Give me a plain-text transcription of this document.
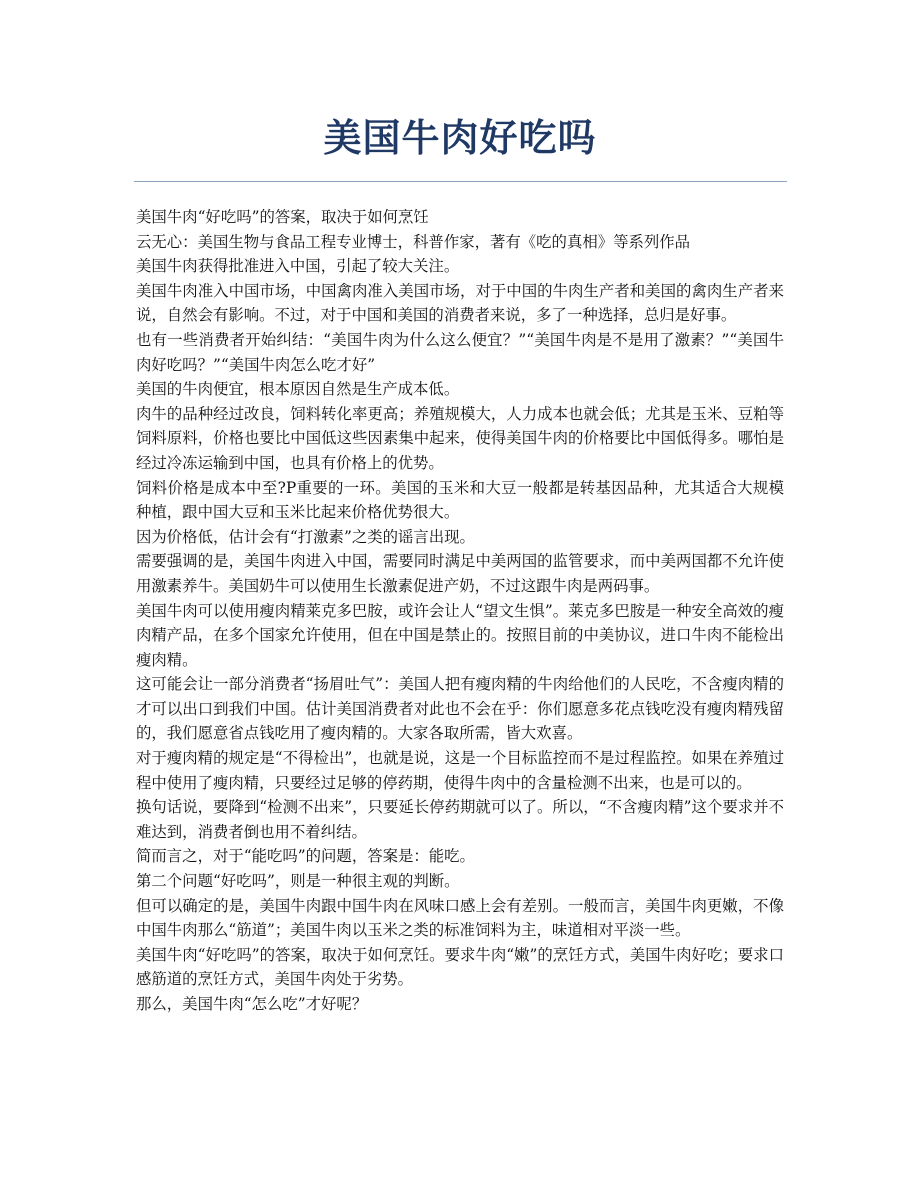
美国牛肉好吃吗

美国牛肉“好吃吗”的答案，取决于如何烹饪

云无心：美国生物与食品工程专业博士，科普作家，著有《吃的真相》等系列作品

美国牛肉获得批准进入中国，引起了较大关注。

美国牛肉准入中国市场，中国禽肉准入美国市场，对于中国的牛肉生产者和美国的禽肉生产者来说，自然会有影响。不过，对于中国和美国的消费者来说，多了一种选择，总归是好事。

也有一些消费者开始纠结：“美国牛肉为什么这么便宜？”“美国牛肉是不是用了激素？”“美国牛肉好吃吗？”“美国牛肉怎么吃才好”

美国的牛肉便宜，根本原因自然是生产成本低。

肉牛的品种经过改良，饲料转化率更高；养殖规模大，人力成本也就会低；尤其是玉米、豆粕等饲料原料，价格也要比中国低这些因素集中起来，使得美国牛肉的价格要比中国低得多。哪怕是经过冷冻运输到中国，也具有价格上的优势。

饲料价格是成本中至?P重要的一环。美国的玉米和大豆一般都是转基因品种，尤其适合大规模种植，跟中国大豆和玉米比起来价格优势很大。

因为价格低，估计会有“打激素”之类的谣言出现。

需要强调的是，美国牛肉进入中国，需要同时满足中美两国的监管要求，而中美两国都不允许使用激素养牛。美国奶牛可以使用生长激素促进产奶，不过这跟牛肉是两码事。

美国牛肉可以使用瘦肉精莱克多巴胺，或许会让人“望文生惧”。莱克多巴胺是一种安全高效的瘦肉精产品，在多个国家允许使用，但在中国是禁止的。按照目前的中美协议，进口牛肉不能检出瘦肉精。

这可能会让一部分消费者“扬眉吐气”：美国人把有瘦肉精的牛肉给他们的人民吃，不含瘦肉精的才可以出口到我们中国。估计美国消费者对此也不会在乎：你们愿意多花点钱吃没有瘦肉精残留的，我们愿意省点钱吃用了瘦肉精的。大家各取所需，皆大欢喜。

对于瘦肉精的规定是“不得检出”，也就是说，这是一个目标监控而不是过程监控。如果在养殖过程中使用了瘦肉精，只要经过足够的停药期，使得牛肉中的含量检测不出来，也是可以的。

换句话说，要降到“检测不出来”，只要延长停药期就可以了。所以，“不含瘦肉精”这个要求并不难达到，消费者倒也用不着纠结。

简而言之，对于“能吃吗”的问题，答案是：能吃。

第二个问题“好吃吗”，则是一种很主观的判断。

但可以确定的是，美国牛肉跟中国牛肉在风味口感上会有差别。一般而言，美国牛肉更嫩，不像中国牛肉那么“筋道”；美国牛肉以玉米之类的标准饲料为主，味道相对平淡一些。

美国牛肉“好吃吗”的答案，取决于如何烹饪。要求牛肉“嫩”的烹饪方式，美国牛肉好吃；要求口感筋道的烹饪方式，美国牛肉处于劣势。

那么，美国牛肉“怎么吃”才好呢？
